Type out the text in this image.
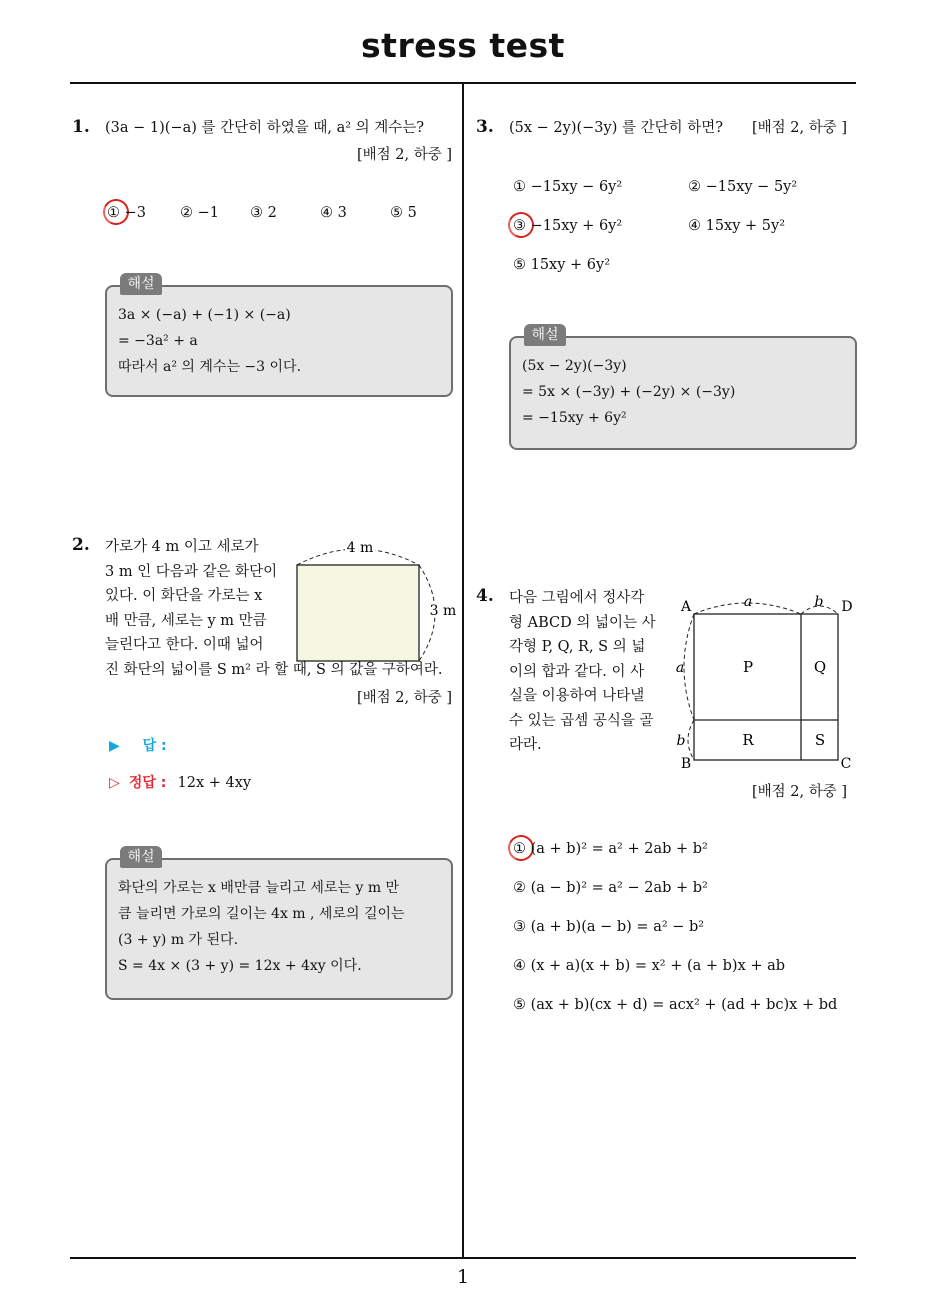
stress test
1. (3a − 1)(−a) 를 간단히 하였을 때, a² 의 계수는?
[배점 2, 하중 ]
① −3 ② −1 ③ 2	④ 3	⑤ 5
해설
3a × (−a) + (−1) × (−a)
= −3a² + a
따라서 a² 의 계수는 −3 이다.
2. 가로가 4 m 이고 세로가
3 m 인 다음과 같은 화단이
있다. 이 화단을 가로는 x
배 만큼, 세로는 y m 만큼
늘린다고 한다. 이때 넓어
진 화단의 넓이를 S m² 라 할 때, S 의 값을 구하여라.
[배점 2, 하중 ]
4 m
3 m
▶ 답 :
▷ 정답 : 12x + 4xy
해설
화단의 가로는 x 배만큼 늘리고 세로는 y m 만
큼 늘리면 가로의 길이는 4x m , 세로의 길이는
(3 + y) m 가 된다.
S = 4x × (3 + y) = 12x + 4xy 이다.
3. (5x − 2y)(−3y) 를 간단히 하면? [배점 2, 하중 ]
① −15xy − 6y²	② −15xy − 5y²
③ −15xy + 6y²	④ 15xy + 5y²
⑤ 15xy + 6y²
해설
(5x − 2y)(−3y)
= 5x × (−3y) + (−2y) × (−3y)
= −15xy + 6y²
4. 다음 그림에서 정사각
형 ABCD 의 넓이는 사
각형 P, Q, R, S 의 넓
이의 합과 같다. 이 사
실을 이용하여 나타낼
수 있는 곱셈 공식을 골
라라.
A
B	C
D
P	Q
R	S
a	b
a
b
[배점 2, 하중 ]
① (a + b)² = a² + 2ab + b²
② (a − b)² = a² − 2ab + b²
③ (a + b)(a − b) = a² − b²
④ (x + a)(x + b) = x² + (a + b)x + ab
⑤ (ax + b)(cx + d) = acx² + (ad + bc)x + bd
1
